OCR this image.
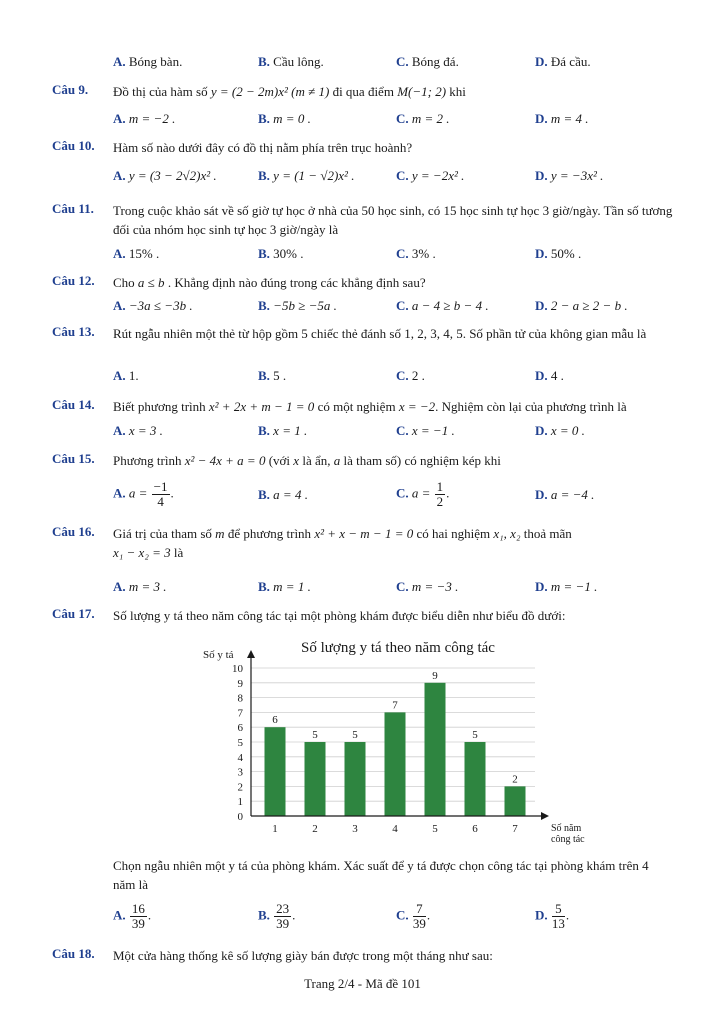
A. Bóng bàn.	B. Cầu lông.	C. Bóng đá.	D. Đá cầu.
Câu 9. Đồ thị của hàm số y = (2 − 2m)x² (m ≠ 1) đi qua điểm M(−1; 2) khi
A. m = −2 .	B. m = 0 .	C. m = 2 .	D. m = 4 .
Câu 10. Hàm số nào dưới đây có đồ thị nằm phía trên trục hoành?
A. y = (3 − 2√2)x² .	B. y = (1 − √2)x² .	C. y = −2x² .	D. y = −3x² .
Câu 11. Trong cuộc khảo sát về số giờ tự học ở nhà của 50 học sinh, có 15 học sinh tự học 3 giờ/ngày. Tần số tương đối của nhóm học sinh tự học 3 giờ/ngày là
A. 15% .	B. 30% .	C. 3% .	D. 50% .
Câu 12. Cho a ≤ b . Khẳng định nào đúng trong các khẳng định sau?
A. −3a ≤ −3b .	B. −5b ≥ −5a .	C. a − 4 ≥ b − 4 .	D. 2 − a ≥ 2 − b .
Câu 13. Rút ngẫu nhiên một thẻ từ hộp gồm 5 chiếc thẻ đánh số 1, 2, 3, 4, 5. Số phần tử của không gian mẫu là
A. 1.	B. 5 .	C. 2 .	D. 4 .
Câu 14. Biết phương trình x² + 2x + m − 1 = 0 có một nghiệm x = −2. Nghiệm còn lại của phương trình là
A. x = 3 .	B. x = 1 .	C. x = −1 .	D. x = 0 .
Câu 15. Phương trình x² − 4x + a = 0 (với x là ẩn, a là tham số) có nghiệm kép khi
A. $a = \frac{-1}{4}$ .	B. a = 4 .	C. $a = \frac{1}{2}$ .	D. a = −4 .
Câu 16. Giá trị của tham số m để phương trình x² + x − m − 1 = 0 có hai nghiệm x₁, x₂ thoả mãn
x₁ − x₂ = 3 là
A. m = 3 .	B. m = 1 .	C. m = −3 .	D. m = −1 .
Câu 17. Số lượng y tá theo năm công tác tại một phòng khám được biểu diễn như biểu đồ dưới:
Số lượng y tá theo năm công tác
Số y tá
6
5	5
7
9
5
2
0
1
2
3
4
5
6
7
8
9
10
1	2	3	4	5	6	7	Số năm công tác
Chọn ngẫu nhiên một y tá của phòng khám. Xác suất để y tá được chọn công tác tại phòng khám trên 4 năm là
A. $\frac{16}{39}$ .	B. $\frac{23}{39}$ .	C. $\frac{7}{39}$ .	D. $\frac{5}{13}$ .
Câu 18. Một cửa hàng thống kê số lượng giày bán được trong một tháng như sau:
Trang 2/4 - Mã đề 101
